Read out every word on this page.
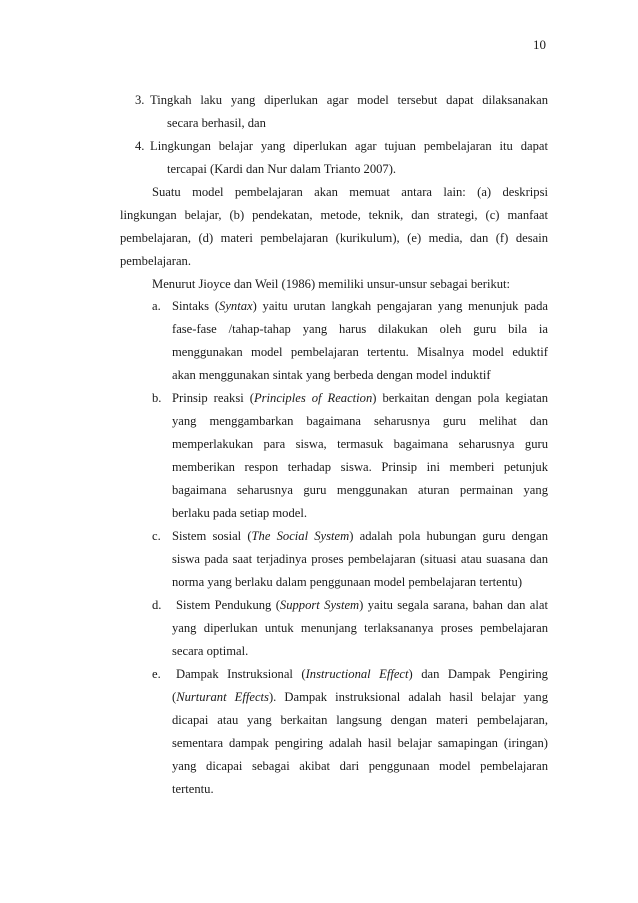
10
3. Tingkah laku yang diperlukan agar model tersebut dapat dilaksanakan
secara berhasil, dan
4. Lingkungan belajar yang diperlukan agar tujuan pembelajaran itu dapat
tercapai (Kardi dan Nur dalam Trianto 2007).
Suatu model pembelajaran akan memuat antara lain: (a) deskripsi
lingkungan belajar, (b) pendekatan, metode, teknik, dan strategi, (c) manfaat
pembelajaran, (d) materi pembelajaran (kurikulum), (e) media, dan (f) desain
pembelajaran.
Menurut Jioyce dan Weil (1986) memiliki unsur-unsur sebagai berikut:
a. Sintaks (Syntax) yaitu urutan langkah pengajaran yang menunjuk pada
fase-fase /tahap-tahap yang harus dilakukan oleh guru bila ia
menggunakan model pembelajaran tertentu. Misalnya model eduktif
akan menggunakan sintak yang berbeda dengan model induktif
b. Prinsip reaksi (Principles of Reaction) berkaitan dengan pola kegiatan
yang menggambarkan bagaimana seharusnya guru melihat dan
memperlakukan para siswa, termasuk bagaimana seharusnya guru
memberikan respon terhadap siswa. Prinsip ini memberi petunjuk
bagaimana seharusnya guru menggunakan aturan permainan yang
berlaku pada setiap model.
c. Sistem sosial (The Social System) adalah pola hubungan guru dengan
siswa pada saat terjadinya proses pembelajaran (situasi atau suasana dan
norma yang berlaku dalam penggunaan model pembelajaran tertentu)
d. Sistem Pendukung (Support System) yaitu segala sarana, bahan dan alat
yang diperlukan untuk menunjang terlaksananya proses pembelajaran
secara optimal.
e. Dampak Instruksional (Instructional Effect) dan Dampak Pengiring
(Nurturant Effects). Dampak instruksional adalah hasil belajar yang
dicapai atau yang berkaitan langsung dengan materi pembelajaran,
sementara dampak pengiring adalah hasil belajar samapingan (iringan)
yang dicapai sebagai akibat dari penggunaan model pembelajaran
tertentu.
